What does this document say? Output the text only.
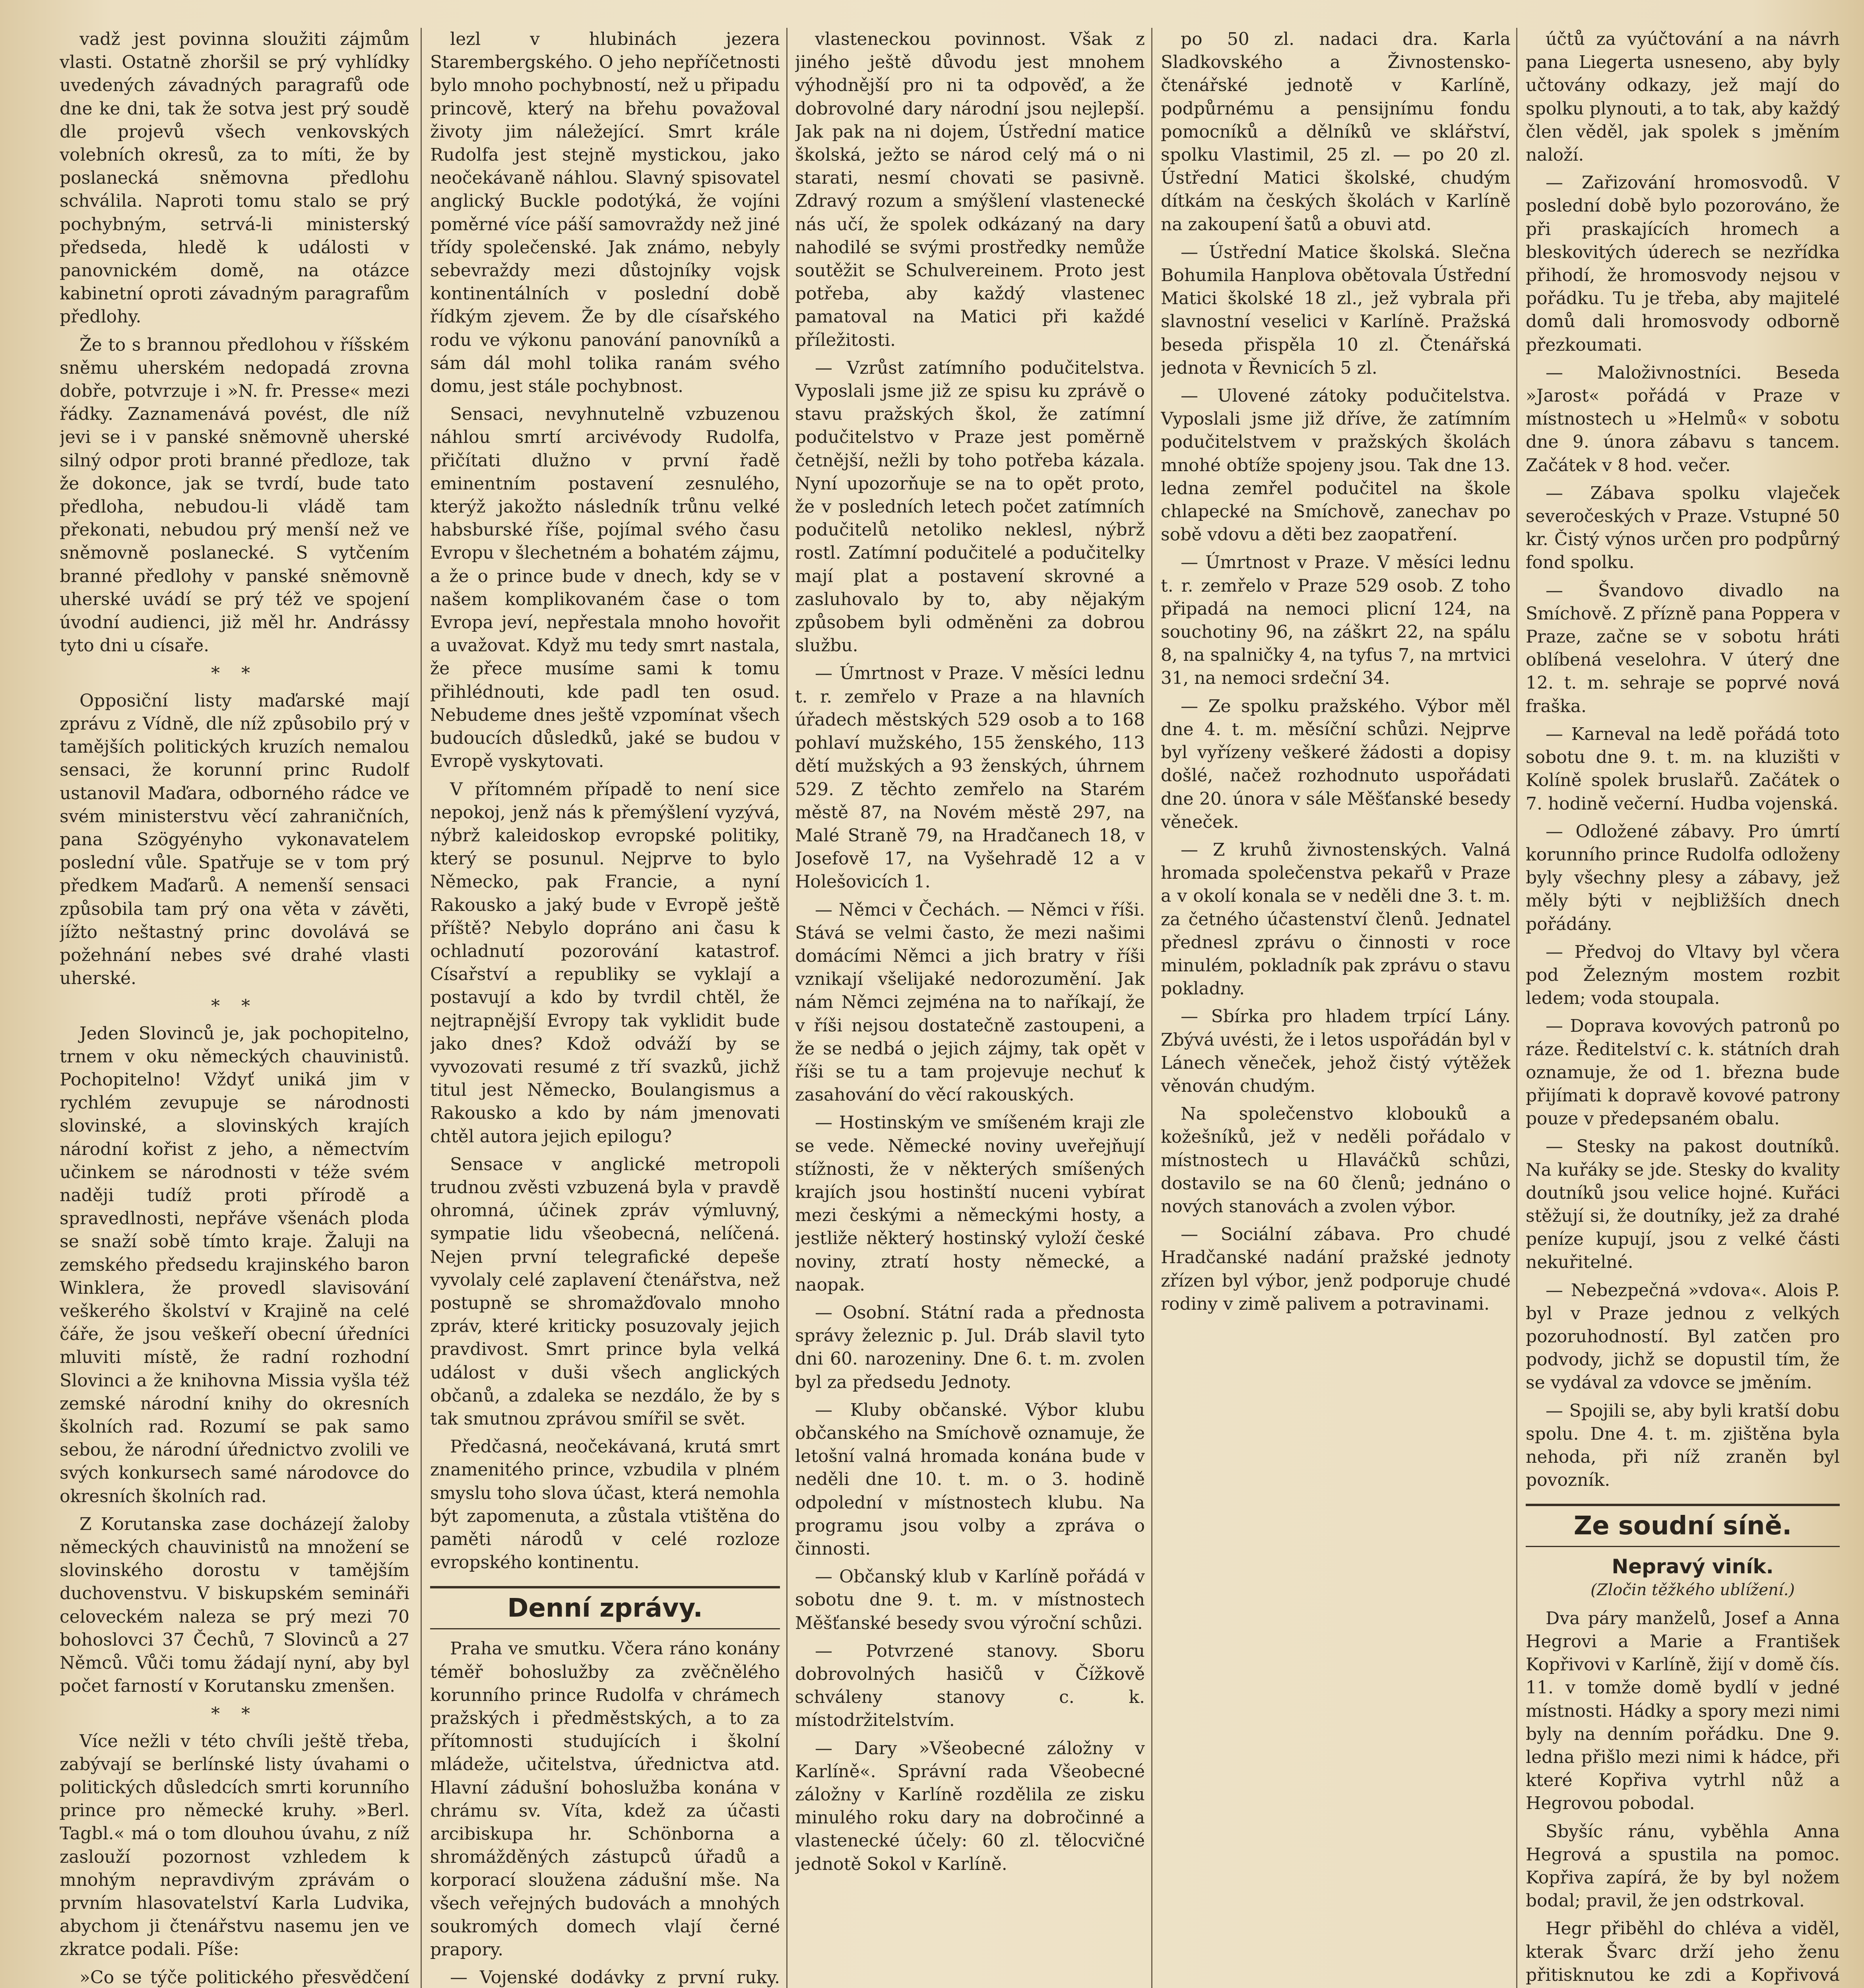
vadž jest povinna sloužiti zájmům vlasti. Ostatně zhoršil se prý vyhlídky uvedených závadných paragrafů ode dne ke dni, tak že sotva jest prý soudě dle projevů všech venkovských volebních okresů, za to míti, že by poslanecká sněmovna předlohu schválila. Naproti tomu stalo se prý pochybným, setrvá-li ministerský předseda, hledě k události v panovnickém domě, na otázce kabinetní oproti závadným paragrafům předlohy.

Že to s brannou předlohou v říšském sněmu uherském nedopadá zrovna dobře, potvrzuje i »N. fr. Presse« mezi řádky. Zaznamenává povést, dle níž jevi se i v panské sněmovně uherské silný odpor proti branné předloze, tak že dokonce, jak se tvrdí, bude tato předloha, nebudou-li vládě tam překonati, nebudou prý menší než ve sněmovně poslanecké. S vytčením branné předlohy v panské sněmovně uherské uvádí se prý též ve spojení úvodní audienci, již měl hr. Andrássy tyto dni u císaře.

* *

Opposiční listy maďarské mají zprávu z Vídně, dle níž způsobilo prý v tamějších politických kruzích nemalou sensaci, že korunní princ Rudolf ustanovil Maďara, odborného rádce ve svém ministerstvu věcí zahraničních, pana Szögyényho vykonavatelem poslední vůle. Spatřuje se v tom prý předkem Maďarů. A nemenší sensaci způsobila tam prý ona věta v závěti, jížto neštastný princ dovolává se požehnání nebes své drahé vlasti uherské.

* *

Jeden Slovinců je, jak pochopitelno, trnem v oku německých chauvinistů. Pochopitelno! Vždyť uniká jim v rychlém zevupuje se národnosti slovinské, a slovinských krajích národní kořist z jeho, a němectvím učinkem se národnosti v téže svém naději tudíž proti přírodě a spravedlnosti, nepřáve všenách ploda se snaží sobě tímto kraje. Žaluji na zemského předsedu krajinského baron Winklera, že provedl slavisování veškerého školství v Krajině na celé čáře, že jsou veškeří obecní úředníci mluviti místě, že radní rozhodní Slovinci a že knihovna Missia vyšla též zemské národní knihy do okresních školních rad. Rozumí se pak samo sebou, že národní úřednictvo zvolili ve svých konkursech samé národovce do okresních školních rad.

Z Korutanska zase docházejí žaloby německých chauvinistů na množení se slovinského dorostu v tamějším duchovenstvu. V biskupském semináři celoveckém naleza se prý mezi 70 bohoslovci 37 Čechů, 7 Slovinců a 27 Němců. Vůči tomu žádají nyní, aby byl počet farností v Korutansku zmenšen.

* *

Více nežli v této chvíli ještě třeba, zabývají se berlínské listy úvahami o politických důsledcích smrti korunního prince pro německé kruhy. »Berl. Tagbl.« má o tom dlouhou úvahu, z níž zaslouží pozornost vzhledem k mnohým nepravdivým zprávám o prvním hlasovatelství Karla Ludvika, abychom ji čtenářstvu nasemu jen ve zkratce podali. Píše:

»Co se týče politického přesvědčení

lezl v hlubinách jezera Starembergského. O jeho nepříčetnosti bylo mnoho pochybností, než u připadu princově, který na břehu považoval životy jim náležející. Smrt krále Rudolfa jest stejně mystickou, jako neočekávaně náhlou. Slavný spisovatel anglický Buckle podotýká, že vojíni poměrné více páší samovraždy než jiné třídy společenské. Jak známo, nebyly sebevraždy mezi důstojníky vojsk kontinentálních v poslední době řídkým zjevem. Že by dle císařského rodu ve výkonu panování panovníků a sám dál mohl tolika ranám svého domu, jest stále pochybnost.

Sensaci, nevyhnutelně vzbuzenou náhlou smrtí arcivévody Rudolfa, přičítati dlužno v první řadě eminentním postavení zesnulého, kterýž jakožto následník trůnu velké habsburské říše, pojímal svého času Evropu v šlechetném a bohatém zájmu, a že o prince bude v dnech, kdy se v našem komplikovaném čase o tom Evropa jeví, nepřestala mnoho hovořit a uvažovat. Když mu tedy smrt nastala, že přece musíme sami k tomu přihlédnouti, kde padl ten osud. Nebudeme dnes ještě vzpomínat všech budoucích důsledků, jaké se budou v Evropě vyskytovati.

V přítomném případě to není sice nepokoj, jenž nás k přemýšlení vyzývá, nýbrž kaleidoskop evropské politiky, který se posunul. Nejprve to bylo Německo, pak Francie, a nyní Rakousko a jaký bude v Evropě ještě příště? Nebylo dopráno ani času k ochladnutí pozorování katastrof. Císařství a republiky se vyklají a postavují a kdo by tvrdil chtěl, že nejtrapnější Evropy tak vyklidit bude jako dnes? Kdož odváží by se vyvozovati resumé z tří svazků, jichž titul jest Německo, Boulangismus a Rakousko a kdo by nám jmenovati chtěl autora jejich epilogu?

Sensace v anglické metropoli trudnou zvěsti vzbuzená byla v pravdě ohromná, účinek zpráv výmluvný, sympatie lidu všeobecná, nelíčená. Nejen první telegrafické depeše vyvolaly celé zaplavení čtenářstva, než postupně se shromažďovalo mnoho zpráv, které kriticky posuzovaly jejich pravdivost. Smrt prince byla velká událost v duši všech anglických občanů, a zdaleka se nezdálo, že by s tak smutnou zprávou smířil se svět.

Předčasná, neočekávaná, krutá smrt znamenitého prince, vzbudila v plném smyslu toho slova účast, která nemohla být zapomenuta, a zůstala vtištěna do paměti národů v celé rozloze evropského kontinentu.

Denní zprávy.

Praha ve smutku. Včera ráno konány téměř bohoslužby za zvěčnělého korunního prince Rudolfa v chrámech pražských i předměstských, a to za přítomnosti studujících i školní mládeže, učitelstva, úřednictva atd. Hlavní zádušní bohoslužba konána v chrámu sv. Víta, kdež za účasti arcibiskupa hr. Schönborna a shromážděných zástupců úřadů a korporací sloužena zádušní mše. Na všech veřejných budovách a mnohých soukromých domech vlají černé prapory.

— Vojenské dodávky z první ruky.

vlasteneckou povinnost. Však z jiného ještě důvodu jest mnohem výhodnější pro ni ta odpověď, a že dobrovolné dary národní jsou nejlepší. Jak pak na ni dojem, Ústřední matice školská, ježto se národ celý má o ni starati, nesmí chovati se pasivně. Zdravý rozum a smýšlení vlastenecké nás učí, že spolek odkázaný na dary nahodilé se svými prostředky nemůže soutěžit se Schulvereinem. Proto jest potřeba, aby každý vlastenec pamatoval na Matici při každé příležitosti.

— Vzrůst zatímního podučitelstva. Vyposlali jsme již ze spisu ku zprávě o stavu pražských škol, že zatímní podučitelstvo v Praze jest poměrně četnější, nežli by toho potřeba kázala. Nyní upozorňuje se na to opět proto, že v posledních letech počet zatímních podučitelů netoliko neklesl, nýbrž rostl. Zatímní podučitelé a podučitelky mají plat a postavení skrovné a zasluhovalo by to, aby nějakým způsobem byli odměněni za dobrou službu.

— Úmrtnost v Praze. V měsíci lednu t. r. zemřelo v Praze a na hlavních úřadech městských 529 osob a to 168 pohlaví mužského, 155 ženského, 113 dětí mužských a 93 ženských, úhrnem 529. Z těchto zemřelo na Starém městě 87, na Novém městě 297, na Malé Straně 79, na Hradčanech 18, v Josefově 17, na Vyšehradě 12 a v Holešovicích 1.

— Němci v Čechách. — Němci v říši. Stává se velmi často, že mezi našimi domácími Němci a jich bratry v říši vznikají všelijaké nedorozumění. Jak nám Němci zejména na to naříkají, že v říši nejsou dostatečně zastoupeni, a že se nedbá o jejich zájmy, tak opět v říši se tu a tam projevuje nechuť k zasahování do věcí rakouských.

— Hostinským ve smíšeném kraji zle se vede. Německé noviny uveřejňují stížnosti, že v některých smíšených krajích jsou hostinští nuceni vybírat mezi českými a německými hosty, a jestliže některý hostinský vyloží české noviny, ztratí hosty německé, a naopak.

— Osobní. Státní rada a přednosta správy železnic p. Jul. Dráb slavil tyto dni 60. narozeniny. Dne 6. t. m. zvolen byl za předsedu Jednoty.

— Kluby občanské. Výbor klubu občanského na Smíchově oznamuje, že letošní valná hromada konána bude v neděli dne 10. t. m. o 3. hodině odpolední v místnostech klubu. Na programu jsou volby a zpráva o činnosti.

— Občanský klub v Karlíně pořádá v sobotu dne 9. t. m. v místnostech Měšťanské besedy svou výroční schůzi.

— Potvrzené stanovy. Sboru dobrovolných hasičů v Čížkově schváleny stanovy c. k. místodržitelstvím.

— Dary »Všeobecné záložny v Karlíně«. Správní rada Všeobecné záložny v Karlíně rozdělila ze zisku minulého roku dary na dobročinné a vlastenecké účely: 60 zl. tělocvičné jednotě Sokol v Karlíně.

po 50 zl. nadaci dra. Karla Sladkovského a Živnostensko-čtenářské jednotě v Karlíně, podpůrnému a pensijnímu fondu pomocníků a dělníků ve sklářství, spolku Vlastimil, 25 zl. — po 20 zl. Ústřední Matici školské, chudým dítkám na českých školách v Karlíně na zakoupení šatů a obuvi atd.

— Ústřední Matice školská. Slečna Bohumila Hanplova obětovala Ústřední Matici školské 18 zl., jež vybrala při slavnostní veselici v Karlíně. Pražská beseda přispěla 10 zl. Čtenářská jednota v Řevnicích 5 zl.

— Ulovené zátoky podučitelstva. Vyposlali jsme již dříve, že zatímním podučitelstvem v pražských školách mnohé obtíže spojeny jsou. Tak dne 13. ledna zemřel podučitel na škole chlapecké na Smíchově, zanechav po sobě vdovu a děti bez zaopatření.

— Úmrtnost v Praze. V měsíci lednu t. r. zemřelo v Praze 529 osob. Z toho připadá na nemoci plicní 124, na souchotiny 96, na záškrt 22, na spálu 8, na spalničky 4, na tyfus 7, na mrtvici 31, na nemoci srdeční 34.

— Ze spolku pražského. Výbor měl dne 4. t. m. měsíční schůzi. Nejprve byl vyřízeny veškeré žádosti a dopisy došlé, načež rozhodnuto uspořádati dne 20. února v sále Měšťanské besedy věneček.

— Z kruhů živnostenských. Valná hromada společenstva pekařů v Praze a v okolí konala se v neděli dne 3. t. m. za četného účastenství členů. Jednatel přednesl zprávu o činnosti v roce minulém, pokladník pak zprávu o stavu pokladny.

— Sbírka pro hladem trpící Lány. Zbývá uvésti, že i letos uspořádán byl v Lánech věneček, jehož čistý výtěžek věnován chudým.

Na společenstvo klobouků a kožešníků, jež v neděli pořádalo v místnostech u Hlaváčků schůzi, dostavilo se na 60 členů; jednáno o nových stanovách a zvolen výbor.

— Sociální zábava. Pro chudé Hradčanské nadání pražské jednoty zřízen byl výbor, jenž podporuje chudé rodiny v zimě palivem a potravinami.

účtů za vyúčtování a na návrh pana Liegerta usneseno, aby byly učtovány odkazy, jež mají do spolku plynouti, a to tak, aby každý člen věděl, jak spolek s jměním naloží.

— Zařizování hromosvodů. V poslední době bylo pozorováno, že při praskajících hromech a bleskovitých úderech se nezřídka přihodí, že hromosvody nejsou v pořádku. Tu je třeba, aby majitelé domů dali hromosvody odborně přezkoumati.

— Maloživnostníci. Beseda »Jarost« pořádá v Praze v místnostech u »Helmů« v sobotu dne 9. února zábavu s tancem. Začátek v 8 hod. večer.

— Zábava spolku vlaječek severočeských v Praze. Vstupné 50 kr. Čistý výnos určen pro podpůrný fond spolku.

— Švandovo divadlo na Smíchově. Z přízně pana Poppera v Praze, začne se v sobotu hráti oblíbená veselohra. V úterý dne 12. t. m. sehraje se poprvé nová fraška.

— Karneval na ledě pořádá toto sobotu dne 9. t. m. na kluzišti v Kolíně spolek bruslařů. Začátek o 7. hodině večerní. Hudba vojenská.

— Odložené zábavy. Pro úmrtí korunního prince Rudolfa odloženy byly všechny plesy a zábavy, jež měly býti v nejbližších dnech pořádány.

— Předvoj do Vltavy byl včera pod Železným mostem rozbit ledem; voda stoupala.

— Doprava kovových patronů po ráze. Ředitelství c. k. státních drah oznamuje, že od 1. března bude přijímati k dopravě kovové patrony pouze v předepsaném obalu.

— Stesky na pakost doutníků. Na kuřáky se jde. Stesky do kvality doutníků jsou velice hojné. Kuřáci stěžují si, že doutníky, jež za drahé peníze kupují, jsou z velké části nekuřitelné.

— Nebezpečná »vdova«. Alois P. byl v Praze jednou z velkých pozoruhodností. Byl zatčen pro podvody, jichž se dopustil tím, že se vydával za vdovce se jměním.

— Spojili se, aby byli kratší dobu spolu. Dne 4. t. m. zjištěna byla nehoda, při níž zraněn byl povozník.

Ze soudní síně.

Nepravý viník.

(Zločin těžkého ublížení.)

Dva páry manželů, Josef a Anna Hegrovi a Marie a František Kopřivovi v Karlíně, žijí v domě čís. 11. v tomže domě bydlí v jedné místnosti. Hádky a spory mezi nimi byly na denním pořádku. Dne 9. ledna přišlo mezi nimi k hádce, při které Kopřiva vytrhl nůž a Hegrovou pobodal.

Sbyšíc ránu, vyběhla Anna Hegrová a spustila na pomoc. Kopřiva zapírá, že by byl nožem bodal; pravil, že jen odstrkoval.

Hegr přiběhl do chléva a viděl, kterak Švarc drží jeho ženu přitisknutou ke zdi a Kopřivová
